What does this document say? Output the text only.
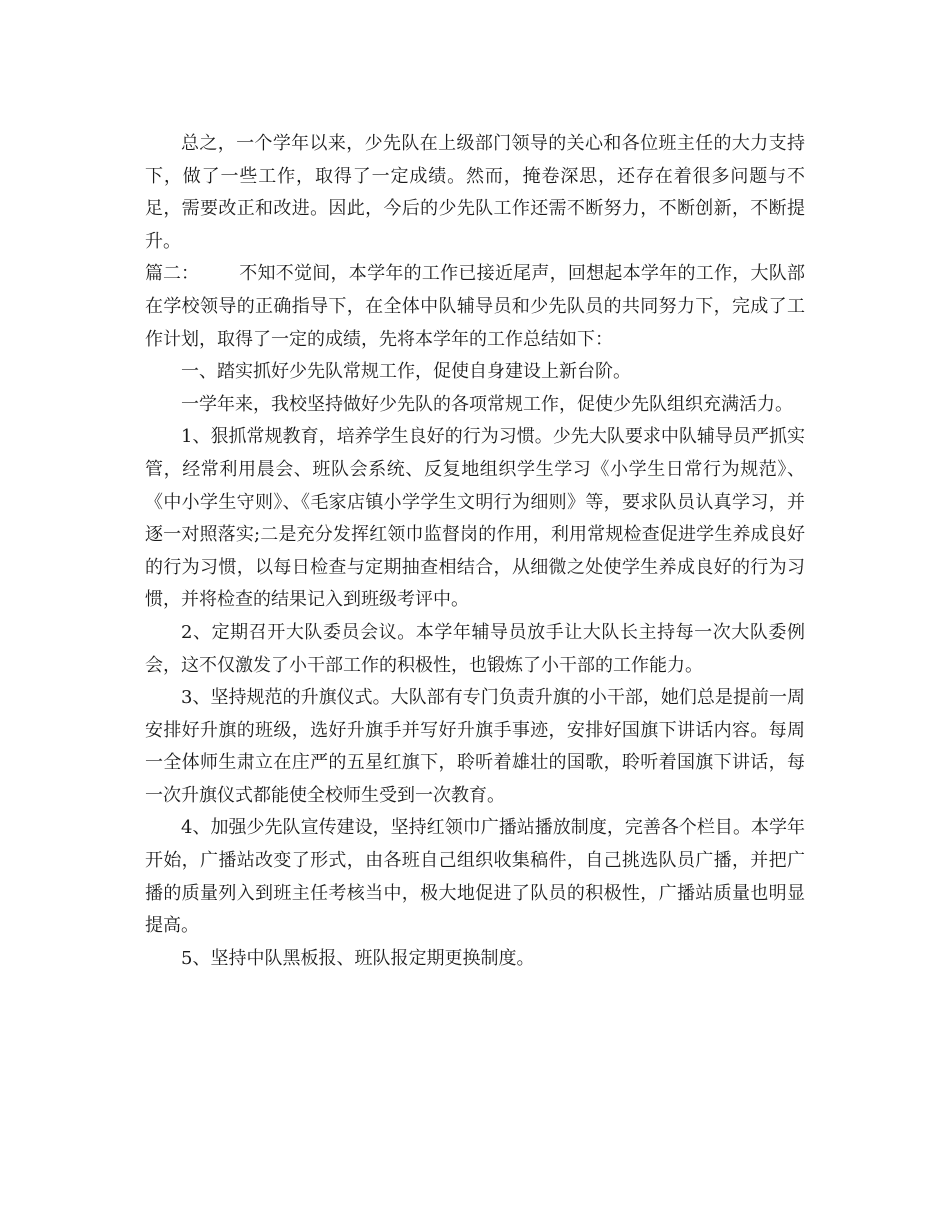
总之，一个学年以来，少先队在上级部门领导的关心和各位班主任的大力支持下，做了一些工作，取得了一定成绩。然而，掩卷深思，还存在着很多问题与不足，需要改正和改进。因此，今后的少先队工作还需不断努力，不断创新，不断提升。

篇二： 不知不觉间，本学年的工作已接近尾声，回想起本学年的工作，大队部在学校领导的正确指导下，在全体中队辅导员和少先队员的共同努力下，完成了工作计划，取得了一定的成绩，先将本学年的工作总结如下：

一、踏实抓好少先队常规工作，促使自身建设上新台阶。

一学年来，我校坚持做好少先队的各项常规工作，促使少先队组织充满活力。

1、狠抓常规教育，培养学生良好的行为习惯。少先大队要求中队辅导员严抓实管，经常利用晨会、班队会系统、反复地组织学生学习《小学生日常行为规范》、《中小学生守则》、《毛家店镇小学学生文明行为细则》等，要求队员认真学习，并逐一对照落实;二是充分发挥红领巾监督岗的作用，利用常规检查促进学生养成良好的行为习惯，以每日检查与定期抽查相结合，从细微之处使学生养成良好的行为习惯，并将检查的结果记入到班级考评中。

2、定期召开大队委员会议。本学年辅导员放手让大队长主持每一次大队委例会，这不仅激发了小干部工作的积极性，也锻炼了小干部的工作能力。

3、坚持规范的升旗仪式。大队部有专门负责升旗的小干部，她们总是提前一周安排好升旗的班级，选好升旗手并写好升旗手事迹，安排好国旗下讲话内容。每周一全体师生肃立在庄严的五星红旗下，聆听着雄壮的国歌，聆听着国旗下讲话，每一次升旗仪式都能使全校师生受到一次教育。

4、加强少先队宣传建设，坚持红领巾广播站播放制度，完善各个栏目。本学年开始，广播站改变了形式，由各班自己组织收集稿件，自己挑选队员广播，并把广播的质量列入到班主任考核当中，极大地促进了队员的积极性，广播站质量也明显提高。

5、坚持中队黑板报、班队报定期更换制度。
